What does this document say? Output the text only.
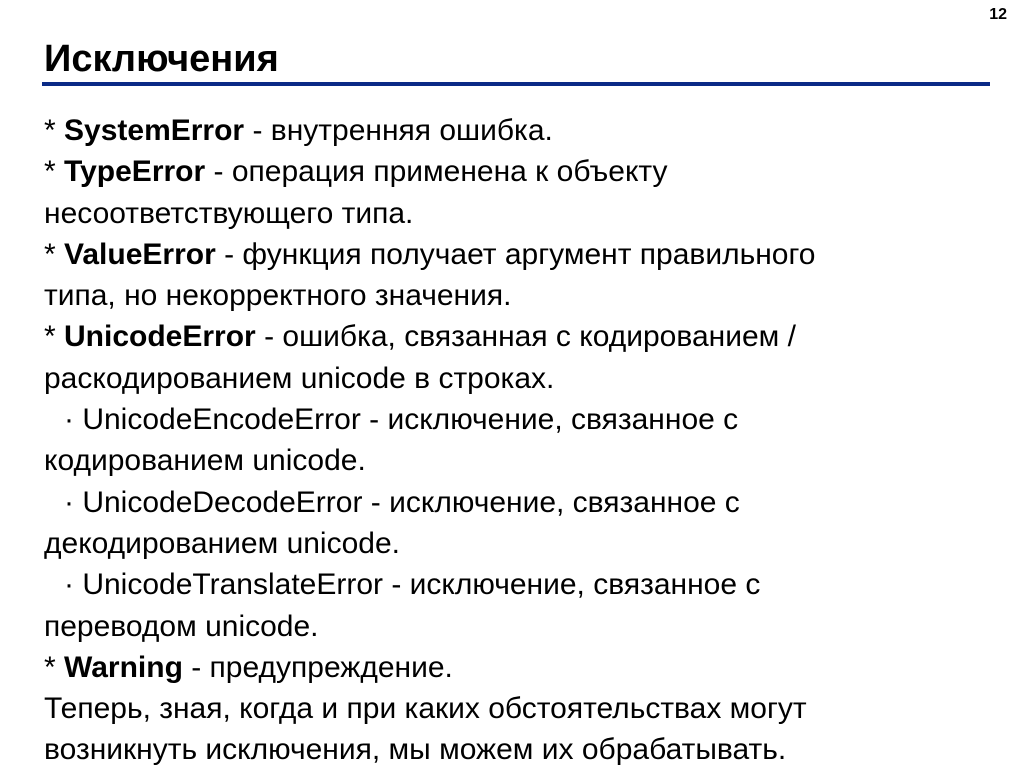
12
Исключения
* SystemError - внутренняя ошибка.
* TypeError - операция применена к объекту
несоответствующего типа.
* ValueError - функция получает аргумент правильного
типа, но некорректного значения.
* UnicodeError - ошибка, связанная с кодированием /
раскодированием unicode в строках.
· UnicodeEncodeError - исключение, связанное с
кодированием unicode.
· UnicodeDecodeError - исключение, связанное с
декодированием unicode.
· UnicodeTranslateError - исключение, связанное с
переводом unicode.
* Warning - предупреждение.
Теперь, зная, когда и при каких обстоятельствах могут
возникнуть исключения, мы можем их обрабатывать.
